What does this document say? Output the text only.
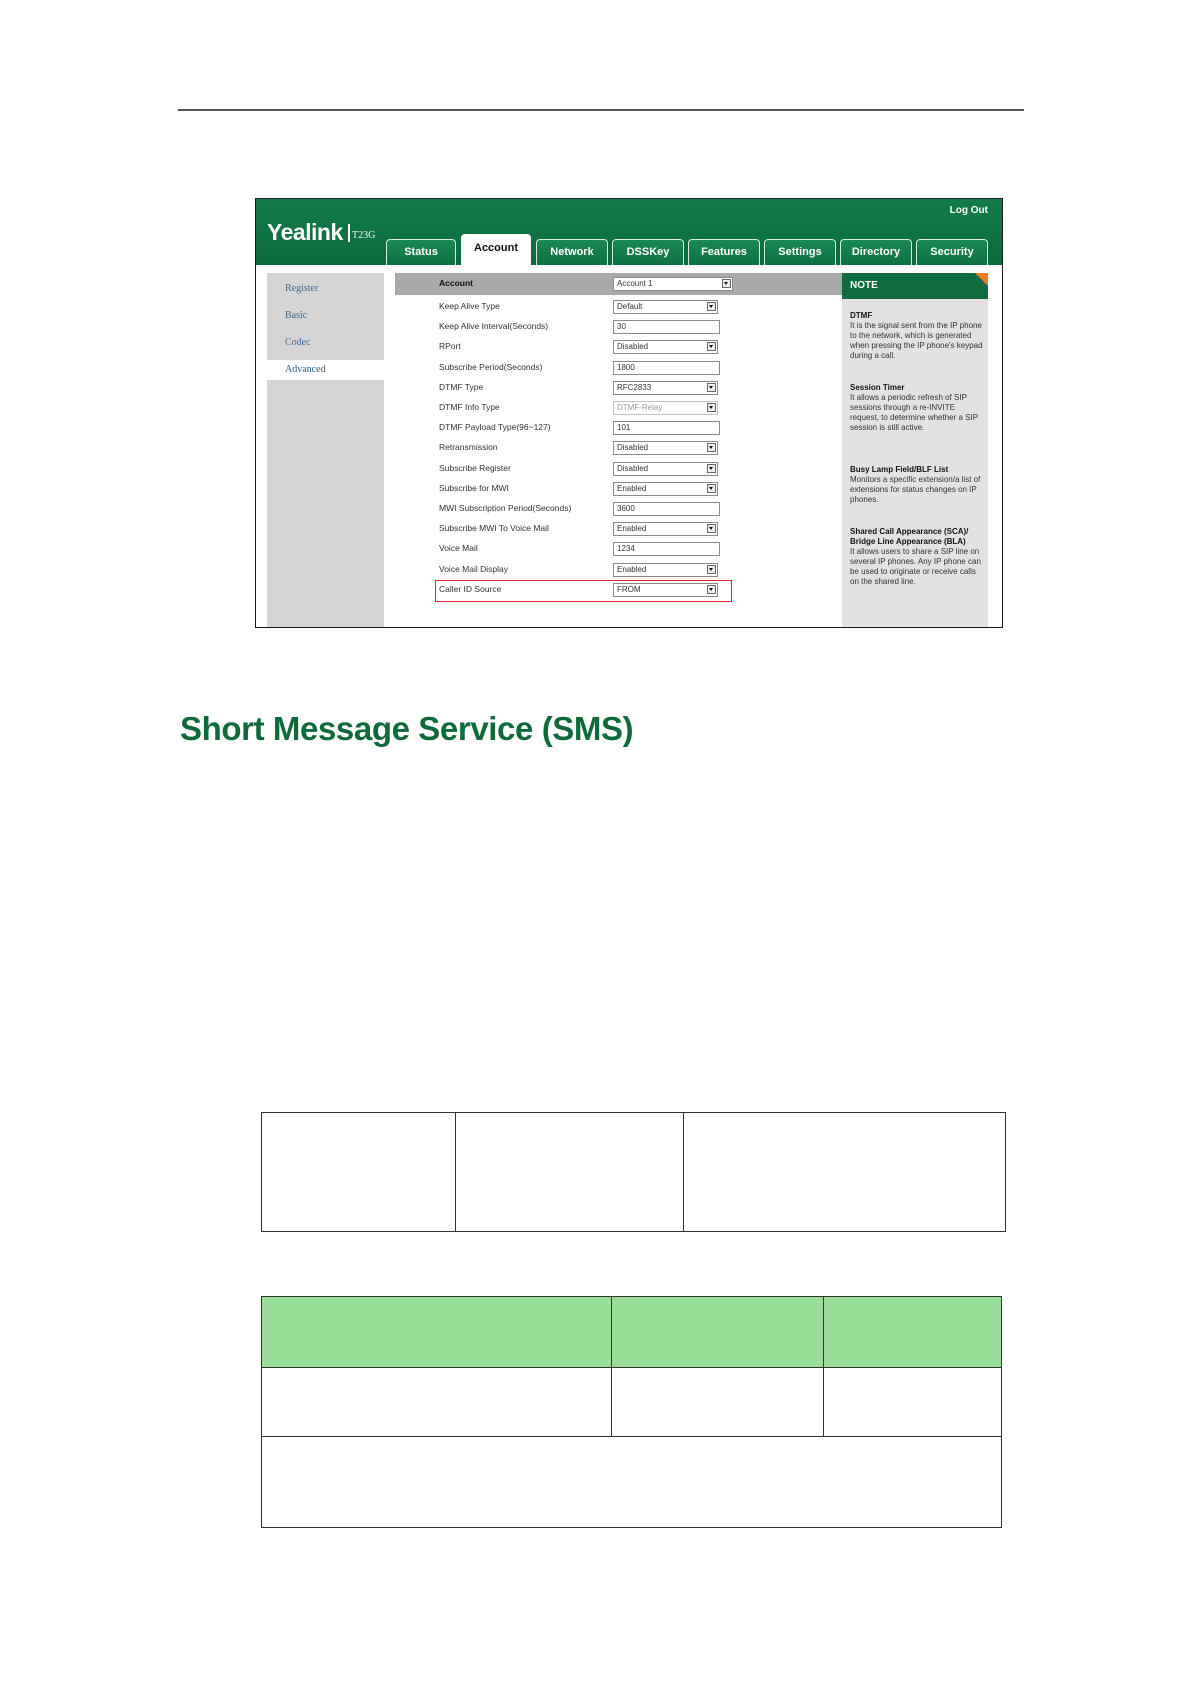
Log Out
Yealink T23G
Status	Account	Network	DSSKey	Features	Settings	Directory	Security
Register
Basic
Codec
Advanced
Account	Account 1
Keep Alive Type	Default
Keep Alive Interval(Seconds)	30
RPort	Disabled
Subscribe Period(Seconds)	1800
DTMF Type	RFC2833
DTMF Info Type	DTMF-Relay
DTMF Payload Type(96~127)	101
Retransmission	Disabled
Subscribe Register	Disabled
Subscribe for MWI	Enabled
MWI Subscription Period(Seconds)	3600
Subscribe MWI To Voice Mail	Enabled
Voice Mail	1234
Voice Mail Display	Enabled
Caller ID Source	FROM
NOTE
DTMF
It is the signal sent from the IP phone to the network, which is generated when pressing the IP phone's keypad during a call.
Session Timer
It allows a periodic refresh of SIP sessions through a re-INVITE request, to determine whether a SIP session is still active.
Busy Lamp Field/BLF List
Monitors a specific extension/a list of extensions for status changes on IP phones.
Shared Call Appearance (SCA)/ Bridge Line Appearance (BLA)
It allows users to share a SIP line on several IP phones. Any IP phone can be used to originate or receive calls on the shared line.
Short Message Service (SMS)
